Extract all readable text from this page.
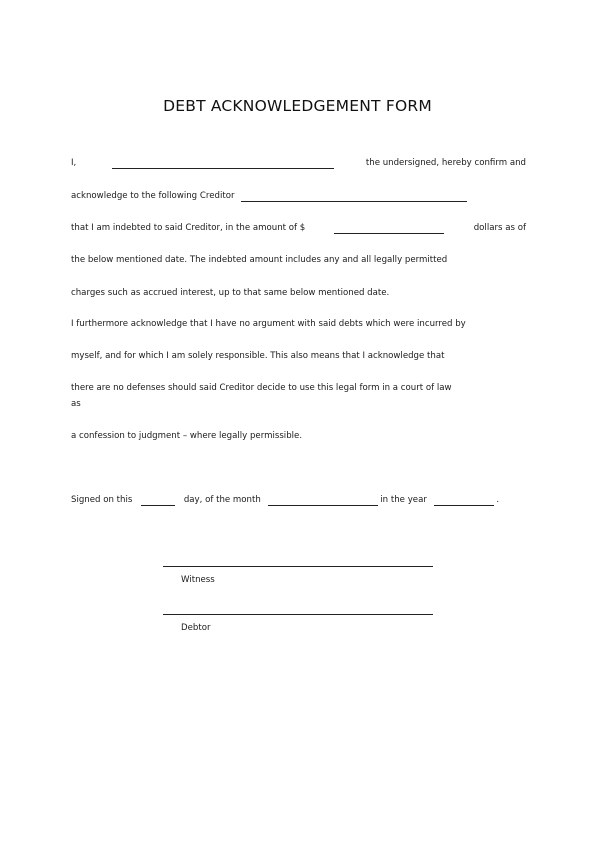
DEBT ACKNOWLEDGEMENT FORM
I,	the undersigned, hereby confirm and
acknowledge to the following Creditor
that I am indebted to said Creditor, in the amount of $	dollars as of
the below mentioned date. The indebted amount includes any and all legally permitted
charges such as accrued interest, up to that same below mentioned date.
I furthermore acknowledge that I have no argument with said debts which were incurred by
myself, and for which I am solely responsible. This also means that I acknowledge that
there are no defenses should said Creditor decide to use this legal form in a court of law
as
a confession to judgment – where legally permissible.
Signed on this	day, of the month	in the year	.
Witness
Debtor
